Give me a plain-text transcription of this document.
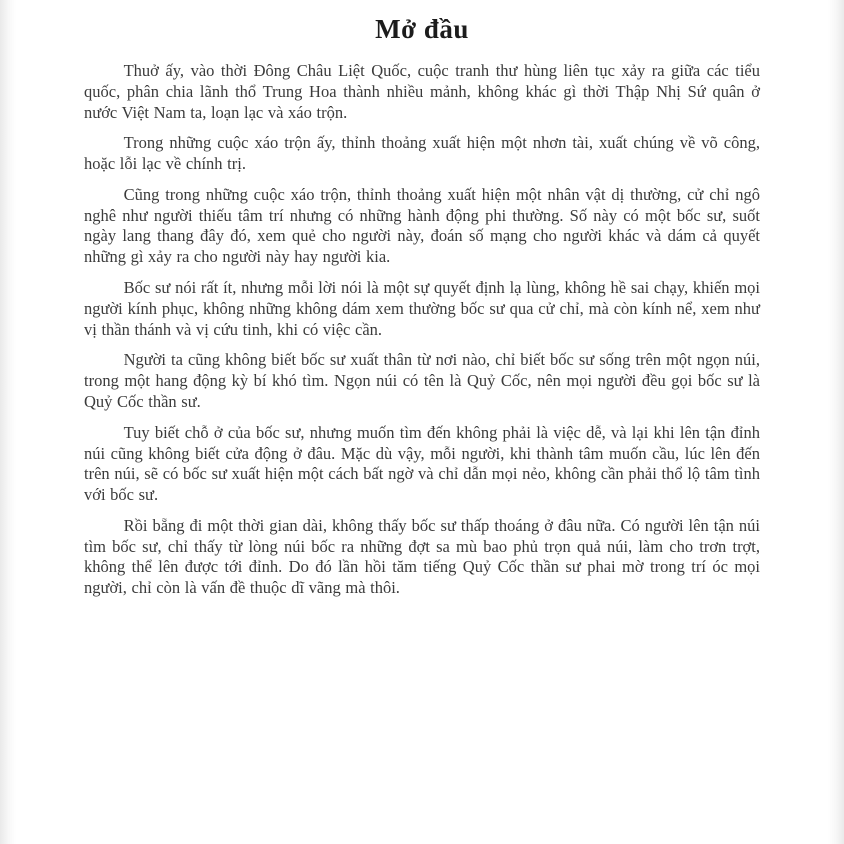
Mở đầu

Thuở ấy, vào thời Đông Châu Liệt Quốc, cuộc tranh thư hùng liên tục xảy ra giữa các tiểu quốc, phân chia lãnh thổ Trung Hoa thành nhiều mảnh, không khác gì thời Thập Nhị Sứ quân ở nước Việt Nam ta, loạn lạc và xáo trộn.

Trong những cuộc xáo trộn ấy, thỉnh thoảng xuất hiện một nhơn tài, xuất chúng về võ công, hoặc lỗi lạc về chính trị.

Cũng trong những cuộc xáo trộn, thỉnh thoảng xuất hiện một nhân vật dị thường, cử chỉ ngô nghê như người thiếu tâm trí nhưng có những hành động phi thường. Số này có một bốc sư, suốt ngày lang thang đây đó, xem quẻ cho người này, đoán số mạng cho người khác và dám cả quyết những gì xảy ra cho người này hay người kia.

Bốc sư nói rất ít, nhưng mỗi lời nói là một sự quyết định lạ lùng, không hề sai chạy, khiến mọi người kính phục, không những không dám xem thường bốc sư qua cử chỉ, mà còn kính nể, xem như vị thần thánh và vị cứu tinh, khi có việc cần.

Người ta cũng không biết bốc sư xuất thân từ nơi nào, chỉ biết bốc sư sống trên một ngọn núi, trong một hang động kỳ bí khó tìm. Ngọn núi có tên là Quỷ Cốc, nên mọi người đều gọi bốc sư là Quỷ Cốc thần sư.

Tuy biết chỗ ở của bốc sư, nhưng muốn tìm đến không phải là việc dễ, và lại khi lên tận đỉnh núi cũng không biết cửa động ở đâu. Mặc dù vậy, mỗi người, khi thành tâm muốn cầu, lúc lên đến trên núi, sẽ có bốc sư xuất hiện một cách bất ngờ và chỉ dẫn mọi nẻo, không cần phải thổ lộ tâm tình với bốc sư.

Rồi bẵng đi một thời gian dài, không thấy bốc sư thấp thoáng ở đâu nữa. Có người lên tận núi tìm bốc sư, chỉ thấy từ lòng núi bốc ra những đợt sa mù bao phủ trọn quả núi, làm cho trơn trợt, không thể lên được tới đỉnh. Do đó lần hồi tăm tiếng Quỷ Cốc thần sư phai mờ trong trí óc mọi người, chỉ còn là vấn đề thuộc dĩ vãng mà thôi.
